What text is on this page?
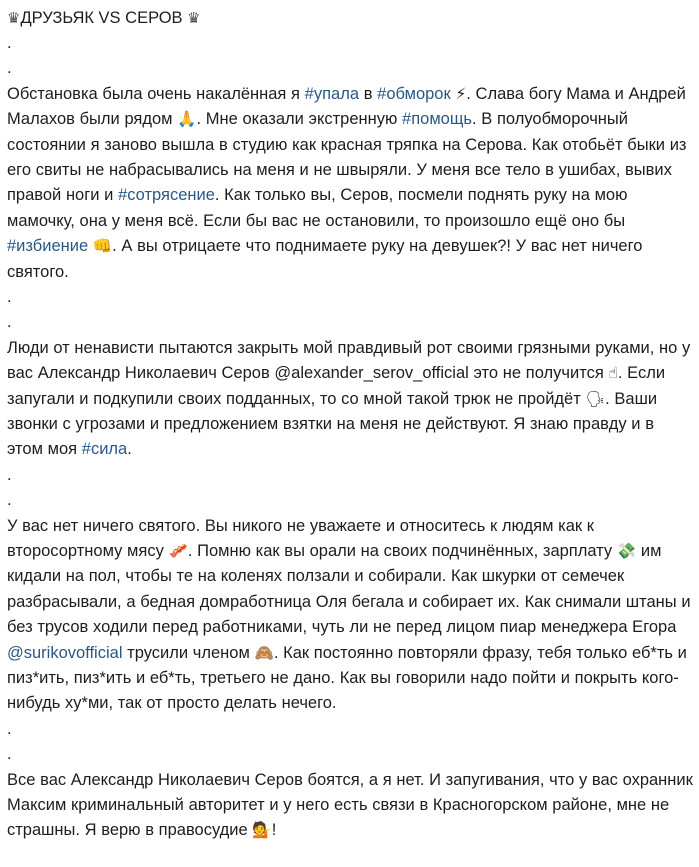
♛ДРУЗЬЯК VS СЕРОВ ♛
.
.
Обстановка была очень накалённая я #упала в #обморок ⚡. Слава богу Мама и Андрей Малахов были рядом 🙏. Мне оказали экстренную #помощь. В полуобморочный состоянии я заново вышла в студию как красная тряпка на Серова. Как отобьёт быки из его свиты не набрасывались на меня и не швыряли. У меня все тело в ушибах, вывих правой ноги и #сотрясение. Как только вы, Серов, посмели поднять руку на мою мамочку, она у меня всё. Если бы вас не остановили, то произошло ещё оно бы #избиение 👊. А вы отрицаете что поднимаете руку на девушек?! У вас нет ничего святого.
.
.
Люди от ненависти пытаются закрыть мой правдивый рот своими грязными руками, но у вас Александр Николаевич Серов @alexander_serov_official это не получится ☝. Если запугали и подкупили своих подданных, то со мной такой трюк не пройдёт 🗣. Ваши звонки с угрозами и предложением взятки на меня не действуют. Я знаю правду и в этом моя #сила.
.
.
У вас нет ничего святого. Вы никого не уважаете и относитесь к людям как к второсортному мясу 🥓. Помню как вы орали на своих подчинённых, зарплату 💸 им кидали на пол, чтобы те на коленях ползали и собирали. Как шкурки от семечек разбрасывали, а бедная домработница Оля бегала и собирает их. Как снимали штаны и без трусов ходили перед работниками, чуть ли не перед лицом пиар менеджера Егора @surikovofficial трусили членом 🙈. Как постоянно повторяли фразу, тебя только еб*ть и пиз*ить, пиз*ить и еб*ть, третьего не дано. Как вы говорили надо пойти и покрыть кого-нибудь ху*ми, так от просто делать нечего.
.
.
Все вас Александр Николаевич Серов боятся, а я нет. И запугивания, что у вас охранник Максим криминальный авторитет и у него есть связи в Красногорском районе, мне не страшны. Я верю в правосудие 💁!
